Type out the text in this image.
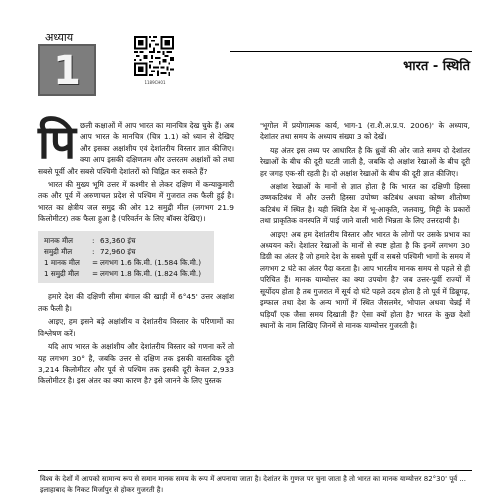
अध्याय
1	1189CH01
भारत - स्थिति

पिछली कक्षाओं में आप भारत का मानचित्र देख चुके हैं। अब आप भारत के मानचित्र (चित्र 1.1) को ध्यान से देखिए और इसका अक्षांशीय एवं देशांतरीय विस्तार ज्ञात कीजिए। क्या आप इसकी दक्षिणतम और उत्तरतम अक्षांशों को तथा सबसे पूर्वी और सबसे पश्चिमी देशांतरों को चिह्नित कर सकते हैं?

भारत की मुख्य भूमि उत्तर में कश्मीर से लेकर दक्षिण में कन्याकुमारी तक और पूर्व में अरुणाचल प्रदेश से पश्चिम में गुजरात तक फैली हुई है। भारत का क्षेत्रीय जल समुद्र की ओर 12 समुद्री मील (लगभग 21.9 किलोमीटर) तक फैला हुआ है (परिवर्तन के लिए बॉक्स देखिए)।

मानक मील	: 63,360 इंच
समुद्री मील	: 72,960 इंच
1 मानक मील	= लगभग 1.6 कि.मी. (1.584 कि.मी.)
1 समुद्री मील	= लगभग 1.8 कि.मी. (1.824 कि.मी.)

हमारे देश की दक्षिणी सीमा बंगाल की खाड़ी में 6°45' उत्तर अक्षांश तक फैली है।

आइए, हम इसने बड़े अक्षांशीय व देशांतरीय विस्तार के परिणामों का विश्लेषण करें।

यदि आप भारत के अक्षांशीय और देशांतरीय विस्तार को गणना करें तो यह लगभग 30° है, जबकि उत्तर से दक्षिण तक इसकी वास्तविक दूरी 3,214 किलोमीटर और पूर्व से पश्चिम तक इसकी दूरी केवल 2,933 किलोमीटर है। इस अंतर का क्या कारण है? इसे जानने के लिए पुस्तक

'भूगोल में प्रयोगात्मक कार्य, भाग-1 (रा.शै.अ.प्र.प. 2006)' के अध्याय, देशांतर तथा समय के अध्याय संख्या 3 को देखें।

यह अंतर इस तथ्य पर आधारित है कि ध्रुवों की ओर जाते समय दो देशांतर रेखाओं के बीच की दूरी घटती जाती है, जबकि दो अक्षांश रेखाओं के बीच दूरी हर जगह एक-सी रहती है। दो अक्षांश रेखाओं के बीच की दूरी ज्ञात कीजिए।

अक्षांश रेखाओं के मानों से ज्ञात होता है कि भारत का दक्षिणी हिस्सा उष्णकटिबंध में और उत्तरी हिस्सा उपोष्ण कटिबंध अथवा कोष्ण शीतोष्ण कटिबंध में स्थित है। यही स्थिति देश में भू-आकृति, जलवायु, मिट्टी के प्रकारों तथा प्राकृतिक वनस्पति में पाई जाने वाली भारी भिन्नता के लिए उत्तरदायी है।

आइए! अब हम देशांतरीय विस्तार और भारत के लोगों पर उसके प्रभाव का अध्ययन करें। देशांतर रेखाओं के मानों से स्पष्ट होता है कि इनमें लगभग 30 डिग्री का अंतर है जो हमारे देश के सबसे पूर्वी व सबसे पश्चिमी भागों के समय में लगभग 2 घंटे का अंतर पैदा करता है। आप भारतीय मानक समय से पहले से ही परिचित हैं। मानक याम्योत्तर का क्या उपयोग है? जब उत्तर-पूर्वी राज्यों में सूर्योदय होता है तब गुजरात में सूर्य दो घंटे पहले उदय होता है तो पूर्व में डिब्रूगढ़, इम्फाल तथा देश के अन्य भागों में स्थित जैसलमेर, भोपाल अथवा चेन्नई में घड़ियाँ एक जैसा समय दिखाती हैं? ऐसा क्यों होता है? भारत के कुछ देशों स्थानों के नाम लिखिए जिनमें से मानक याम्योत्तर गुजरती है।

विश्व के देशों में आपको सामान्य रूप से समान मानक समय के रूप में अपनाया जाता है। देशांतर के गुणज पर चुना जाता है तो भारत का मानक याम्योत्तर 82°30' पूर्व ... इलाहाबाद के निकट मिर्जापुर से होकर गुजरती है।
